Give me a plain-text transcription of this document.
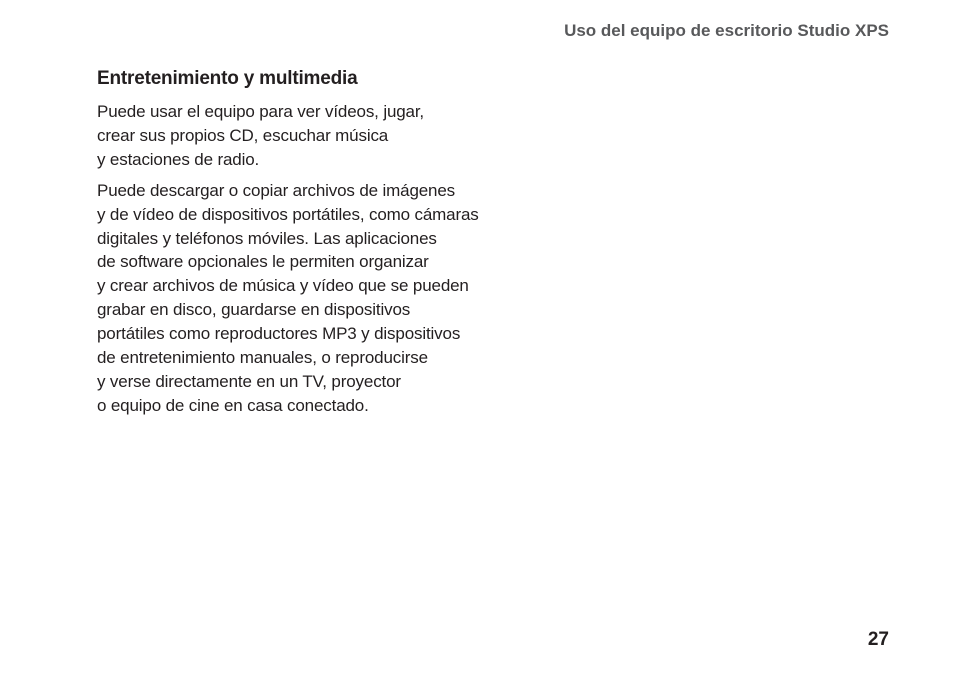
Uso del equipo de escritorio Studio XPS
Entretenimiento y multimedia

Puede usar el equipo para ver vídeos, jugar,
crear sus propios CD, escuchar música
y estaciones de radio.

Puede descargar o copiar archivos de imágenes
y de vídeo de dispositivos portátiles, como cámaras
digitales y teléfonos móviles. Las aplicaciones
de software opcionales le permiten organizar
y crear archivos de música y vídeo que se pueden
grabar en disco, guardarse en dispositivos
portátiles como reproductores MP3 y dispositivos
de entretenimiento manuales, o reproducirse
y verse directamente en un TV, proyector
o equipo de cine en casa conectado.

27
